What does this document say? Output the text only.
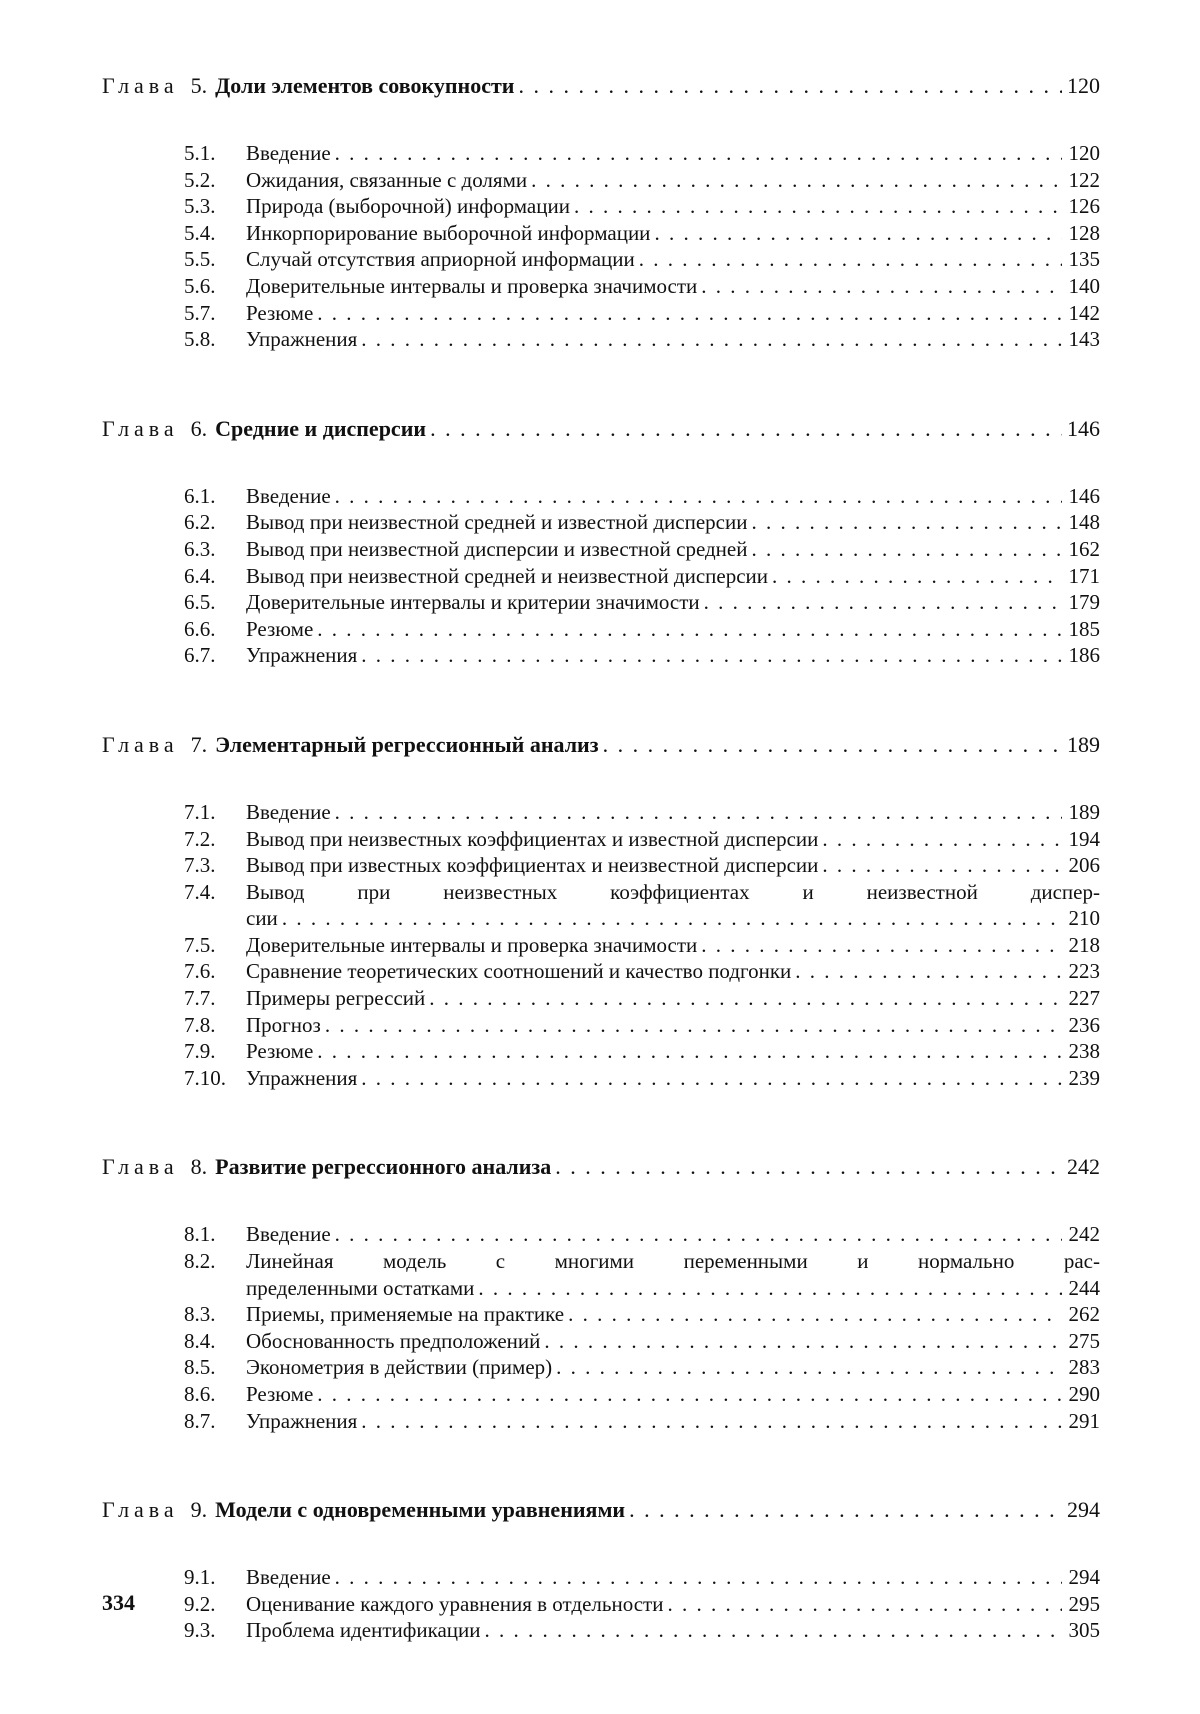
Глава 5. Доли элементов совокупности . . .	120
5.1.	Введение . . .	120
5.2.	Ожидания, связанные с долями . . .	122
5.3.	Природа (выборочной) информации . . .	126
5.4.	Инкорпорирование выборочной информации . . .	128
5.5.	Случай отсутствия априорной информации . . .	135
5.6.	Доверительные интервалы и проверка значимости . . .	140
5.7.	Резюме . . .	142
5.8.	Упражнения . . .	143
Глава 6. Средние и дисперсии . . .	146
6.1.	Введение . . .	146
6.2.	Вывод при неизвестной средней и известной дисперсии . . .	148
6.3.	Вывод при неизвестной дисперсии и известной средней . . .	162
6.4.	Вывод при неизвестной средней и неизвестной дисперсии . . .	171
6.5.	Доверительные интервалы и критерии значимости . . .	179
6.6.	Резюме . . .	185
6.7.	Упражнения . . .	186
Глава 7. Элементарный регрессионный анализ . . .	189
7.1.	Введение . . .	189
7.2.	Вывод при неизвестных коэффициентах и известной дисперсии . . .	194
7.3.	Вывод при известных коэффициентах и неизвестной дисперсии . . .	206
7.4.	Вывод при неизвестных коэффициентах и неизвестной диспер-
сии . . .	210
7.5.	Доверительные интервалы и проверка значимости . . .	218
7.6.	Сравнение теоретических соотношений и качество подгонки . . .	223
7.7.	Примеры регрессий . . .	227
7.8.	Прогноз . . .	236
7.9.	Резюме . . .	238
7.10. Упражнения . . .	239
Глава 8. Развитие регрессионного анализа . . .	242
8.1.	Введение . . .	242
8.2.	Линейная модель с многими переменными и нормально рас-
пределенными остатками . . .	244
8.3.	Приемы, применяемые на практике . . .	262
8.4.	Обоснованность предположений . . .	275
8.5.	Эконометрия в действии (пример) . . .	283
8.6.	Резюме . . .	290
8.7.	Упражнения . . .	291
Глава 9. Модели с одновременными уравнениями . . .	294
9.1.	Введение . . .	294
9.2.	Оценивание каждого уравнения в отдельности . . .	295
9.3.	Проблема идентификации . . .	305
334
